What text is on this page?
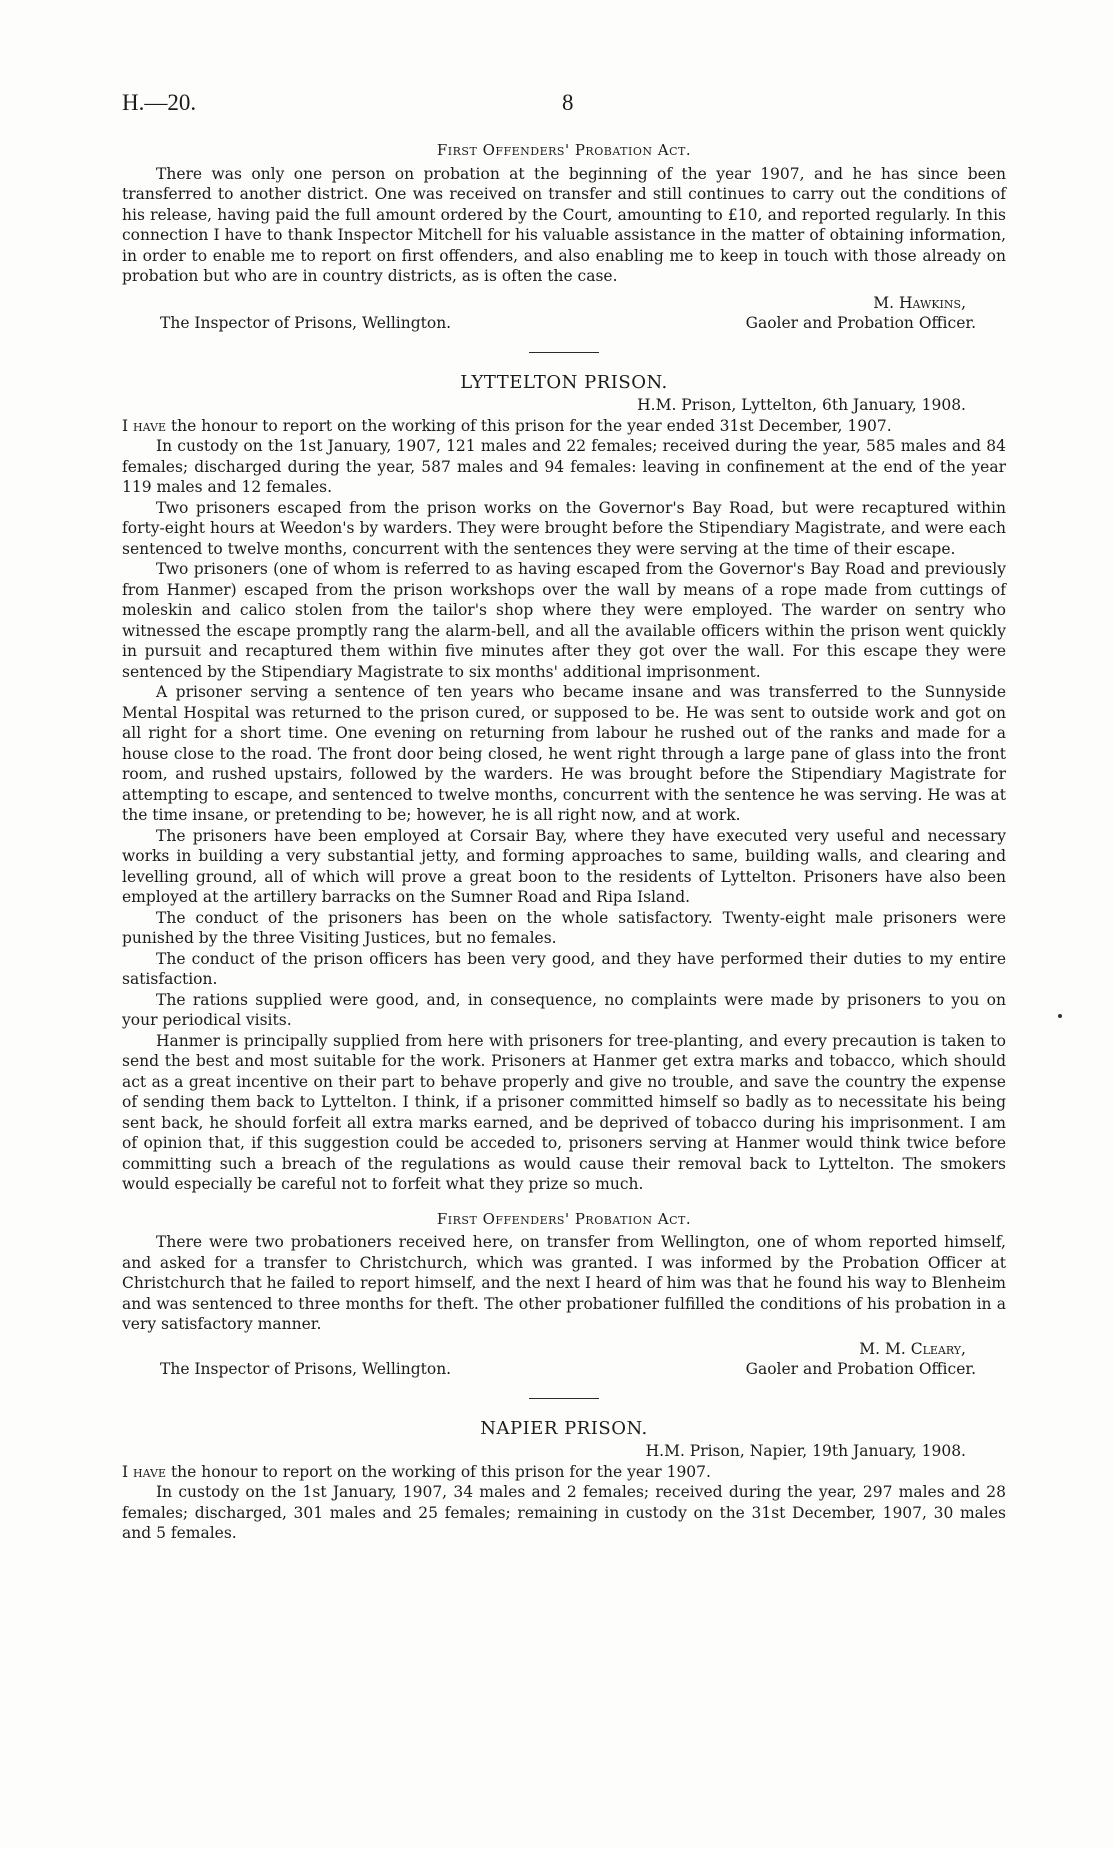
H.—20.	8
First Offenders' Probation Act.

There was only one person on probation at the beginning of the year 1907, and he has since been transferred to another district. One was received on transfer and still continues to carry out the conditions of his release, having paid the full amount ordered by the Court, amounting to £10, and reported regularly. In this connection I have to thank Inspector Mitchell for his valuable assistance in the matter of obtaining information, in order to enable me to report on first offenders, and also enabling me to keep in touch with those already on probation but who are in country districts, as is often the case.

M. Hawkins,
The Inspector of Prisons, Wellington.	Gaoler and Probation Officer.
LYTTELTON PRISON.
H.M. Prison, Lyttelton, 6th January, 1908.

I have the honour to report on the working of this prison for the year ended 31st December, 1907.

In custody on the 1st January, 1907, 121 males and 22 females; received during the year, 585 males and 84 females; discharged during the year, 587 males and 94 females: leaving in confinement at the end of the year 119 males and 12 females.

Two prisoners escaped from the prison works on the Governor's Bay Road, but were recaptured within forty-eight hours at Weedon's by warders. They were brought before the Stipendiary Magistrate, and were each sentenced to twelve months, concurrent with the sentences they were serving at the time of their escape.

Two prisoners (one of whom is referred to as having escaped from the Governor's Bay Road and previously from Hanmer) escaped from the prison workshops over the wall by means of a rope made from cuttings of moleskin and calico stolen from the tailor's shop where they were employed. The warder on sentry who witnessed the escape promptly rang the alarm-bell, and all the available officers within the prison went quickly in pursuit and recaptured them within five minutes after they got over the wall. For this escape they were sentenced by the Stipendiary Magistrate to six months' additional imprisonment.

A prisoner serving a sentence of ten years who became insane and was transferred to the Sunnyside Mental Hospital was returned to the prison cured, or supposed to be. He was sent to outside work and got on all right for a short time. One evening on returning from labour he rushed out of the ranks and made for a house close to the road. The front door being closed, he went right through a large pane of glass into the front room, and rushed upstairs, followed by the warders. He was brought before the Stipendiary Magistrate for attempting to escape, and sentenced to twelve months, concurrent with the sentence he was serving. He was at the time insane, or pretending to be; however, he is all right now, and at work.

The prisoners have been employed at Corsair Bay, where they have executed very useful and necessary works in building a very substantial jetty, and forming approaches to same, building walls, and clearing and levelling ground, all of which will prove a great boon to the residents of Lyttelton. Prisoners have also been employed at the artillery barracks on the Sumner Road and Ripa Island.

The conduct of the prisoners has been on the whole satisfactory. Twenty-eight male prisoners were punished by the three Visiting Justices, but no females.

The conduct of the prison officers has been very good, and they have performed their duties to my entire satisfaction.

The rations supplied were good, and, in consequence, no complaints were made by prisoners to you on your periodical visits.

Hanmer is principally supplied from here with prisoners for tree-planting, and every precaution is taken to send the best and most suitable for the work. Prisoners at Hanmer get extra marks and tobacco, which should act as a great incentive on their part to behave properly and give no trouble, and save the country the expense of sending them back to Lyttelton. I think, if a prisoner committed himself so badly as to necessitate his being sent back, he should forfeit all extra marks earned, and be deprived of tobacco during his imprisonment. I am of opinion that, if this suggestion could be acceded to, prisoners serving at Hanmer would think twice before committing such a breach of the regulations as would cause their removal back to Lyttelton. The smokers would especially be careful not to forfeit what they prize so much.

First Offenders' Probation Act.

There were two probationers received here, on transfer from Wellington, one of whom reported himself, and asked for a transfer to Christchurch, which was granted. I was informed by the Probation Officer at Christchurch that he failed to report himself, and the next I heard of him was that he found his way to Blenheim and was sentenced to three months for theft. The other probationer fulfilled the conditions of his probation in a very satisfactory manner.

M. M. Cleary,
The Inspector of Prisons, Wellington.	Gaoler and Probation Officer.
NAPIER PRISON.
H.M. Prison, Napier, 19th January, 1908.

I have the honour to report on the working of this prison for the year 1907.

In custody on the 1st January, 1907, 34 males and 2 females; received during the year, 297 males and 28 females; discharged, 301 males and 25 females; remaining in custody on the 31st December, 1907, 30 males and 5 females.
